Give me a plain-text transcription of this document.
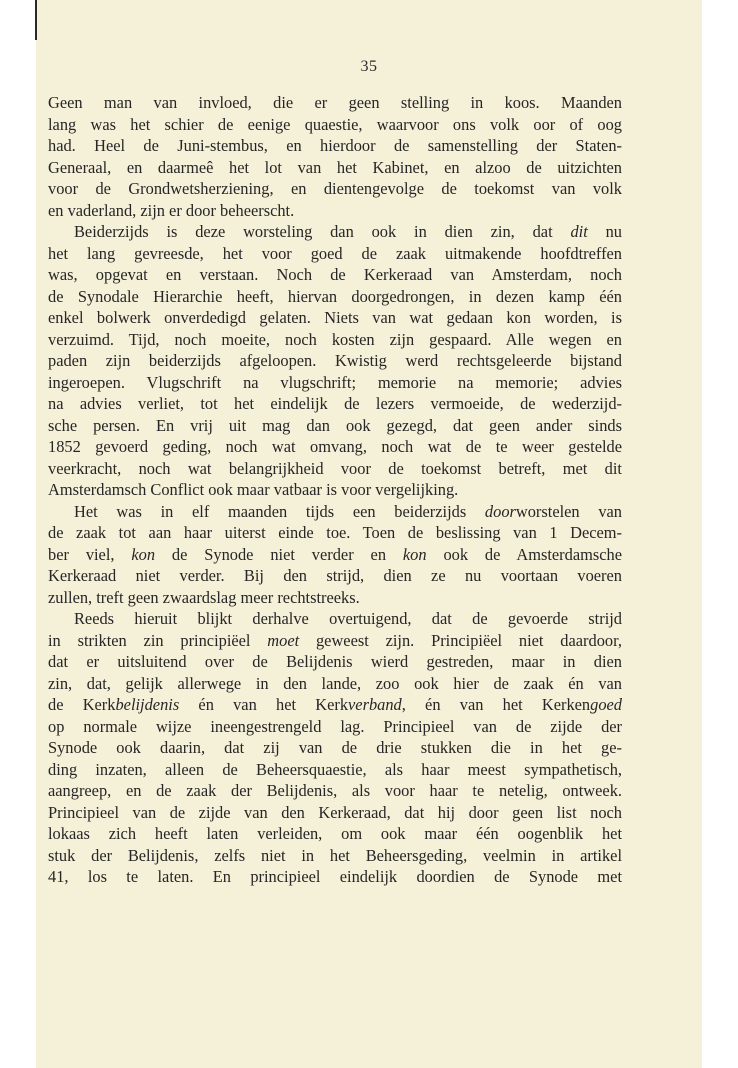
35
Geen man van invloed, die er geen stelling in koos. Maanden
lang was het schier de eenige quaestie, waarvoor ons volk oor of oog
had. Heel de Juni-stembus, en hierdoor de samenstelling der Staten-
Generaal, en daarmeê het lot van het Kabinet, en alzoo de uitzichten
voor de Grondwetsherziening, en dientengevolge de toekomst van volk
en vaderland, zijn er door beheerscht.
Beiderzijds is deze worsteling dan ook in dien zin, dat dit nu
het lang gevreesde, het voor goed de zaak uitmakende hoofdtreffen
was, opgevat en verstaan. Noch de Kerkeraad van Amsterdam, noch
de Synodale Hierarchie heeft, hiervan doorgedrongen, in dezen kamp één
enkel bolwerk onverdedigd gelaten. Niets van wat gedaan kon worden, is
verzuimd. Tijd, noch moeite, noch kosten zijn gespaard. Alle wegen en
paden zijn beiderzijds afgeloopen. Kwistig werd rechtsgeleerde bijstand
ingeroepen. Vlugschrift na vlugschrift; memorie na memorie; advies
na advies verliet, tot het eindelijk de lezers vermoeide, de wederzijd-
sche persen. En vrij uit mag dan ook gezegd, dat geen ander sinds
1852 gevoerd geding, noch wat omvang, noch wat de te weer gestelde
veerkracht, noch wat belangrijkheid voor de toekomst betreft, met dit
Amsterdamsch Conflict ook maar vatbaar is voor vergelijking.
Het was in elf maanden tijds een beiderzijds doorworstelen van
de zaak tot aan haar uiterst einde toe. Toen de beslissing van 1 Decem-
ber viel, kon de Synode niet verder en kon ook de Amsterdamsche
Kerkeraad niet verder. Bij den strijd, dien ze nu voortaan voeren
zullen, treft geen zwaardslag meer rechtstreeks.
Reeds hieruit blijkt derhalve overtuigend, dat de gevoerde strijd
in strikten zin principiëel moet geweest zijn. Principiëel niet daardoor,
dat er uitsluitend over de Belijdenis wierd gestreden, maar in dien
zin, dat, gelijk allerwege in den lande, zoo ook hier de zaak én van
de Kerkbelijdenis én van het Kerkverband, én van het Kerkengoed
op normale wijze ineengestrengeld lag. Principieel van de zijde der
Synode ook daarin, dat zij van de drie stukken die in het ge-
ding inzaten, alleen de Beheersquaestie, als haar meest sympathetisch,
aangreep, en de zaak der Belijdenis, als voor haar te netelig, ontweek.
Principieel van de zijde van den Kerkeraad, dat hij door geen list noch
lokaas zich heeft laten verleiden, om ook maar één oogenblik het
stuk der Belijdenis, zelfs niet in het Beheersgeding, veelmin in artikel
41, los te laten. En principieel eindelijk doordien de Synode met
